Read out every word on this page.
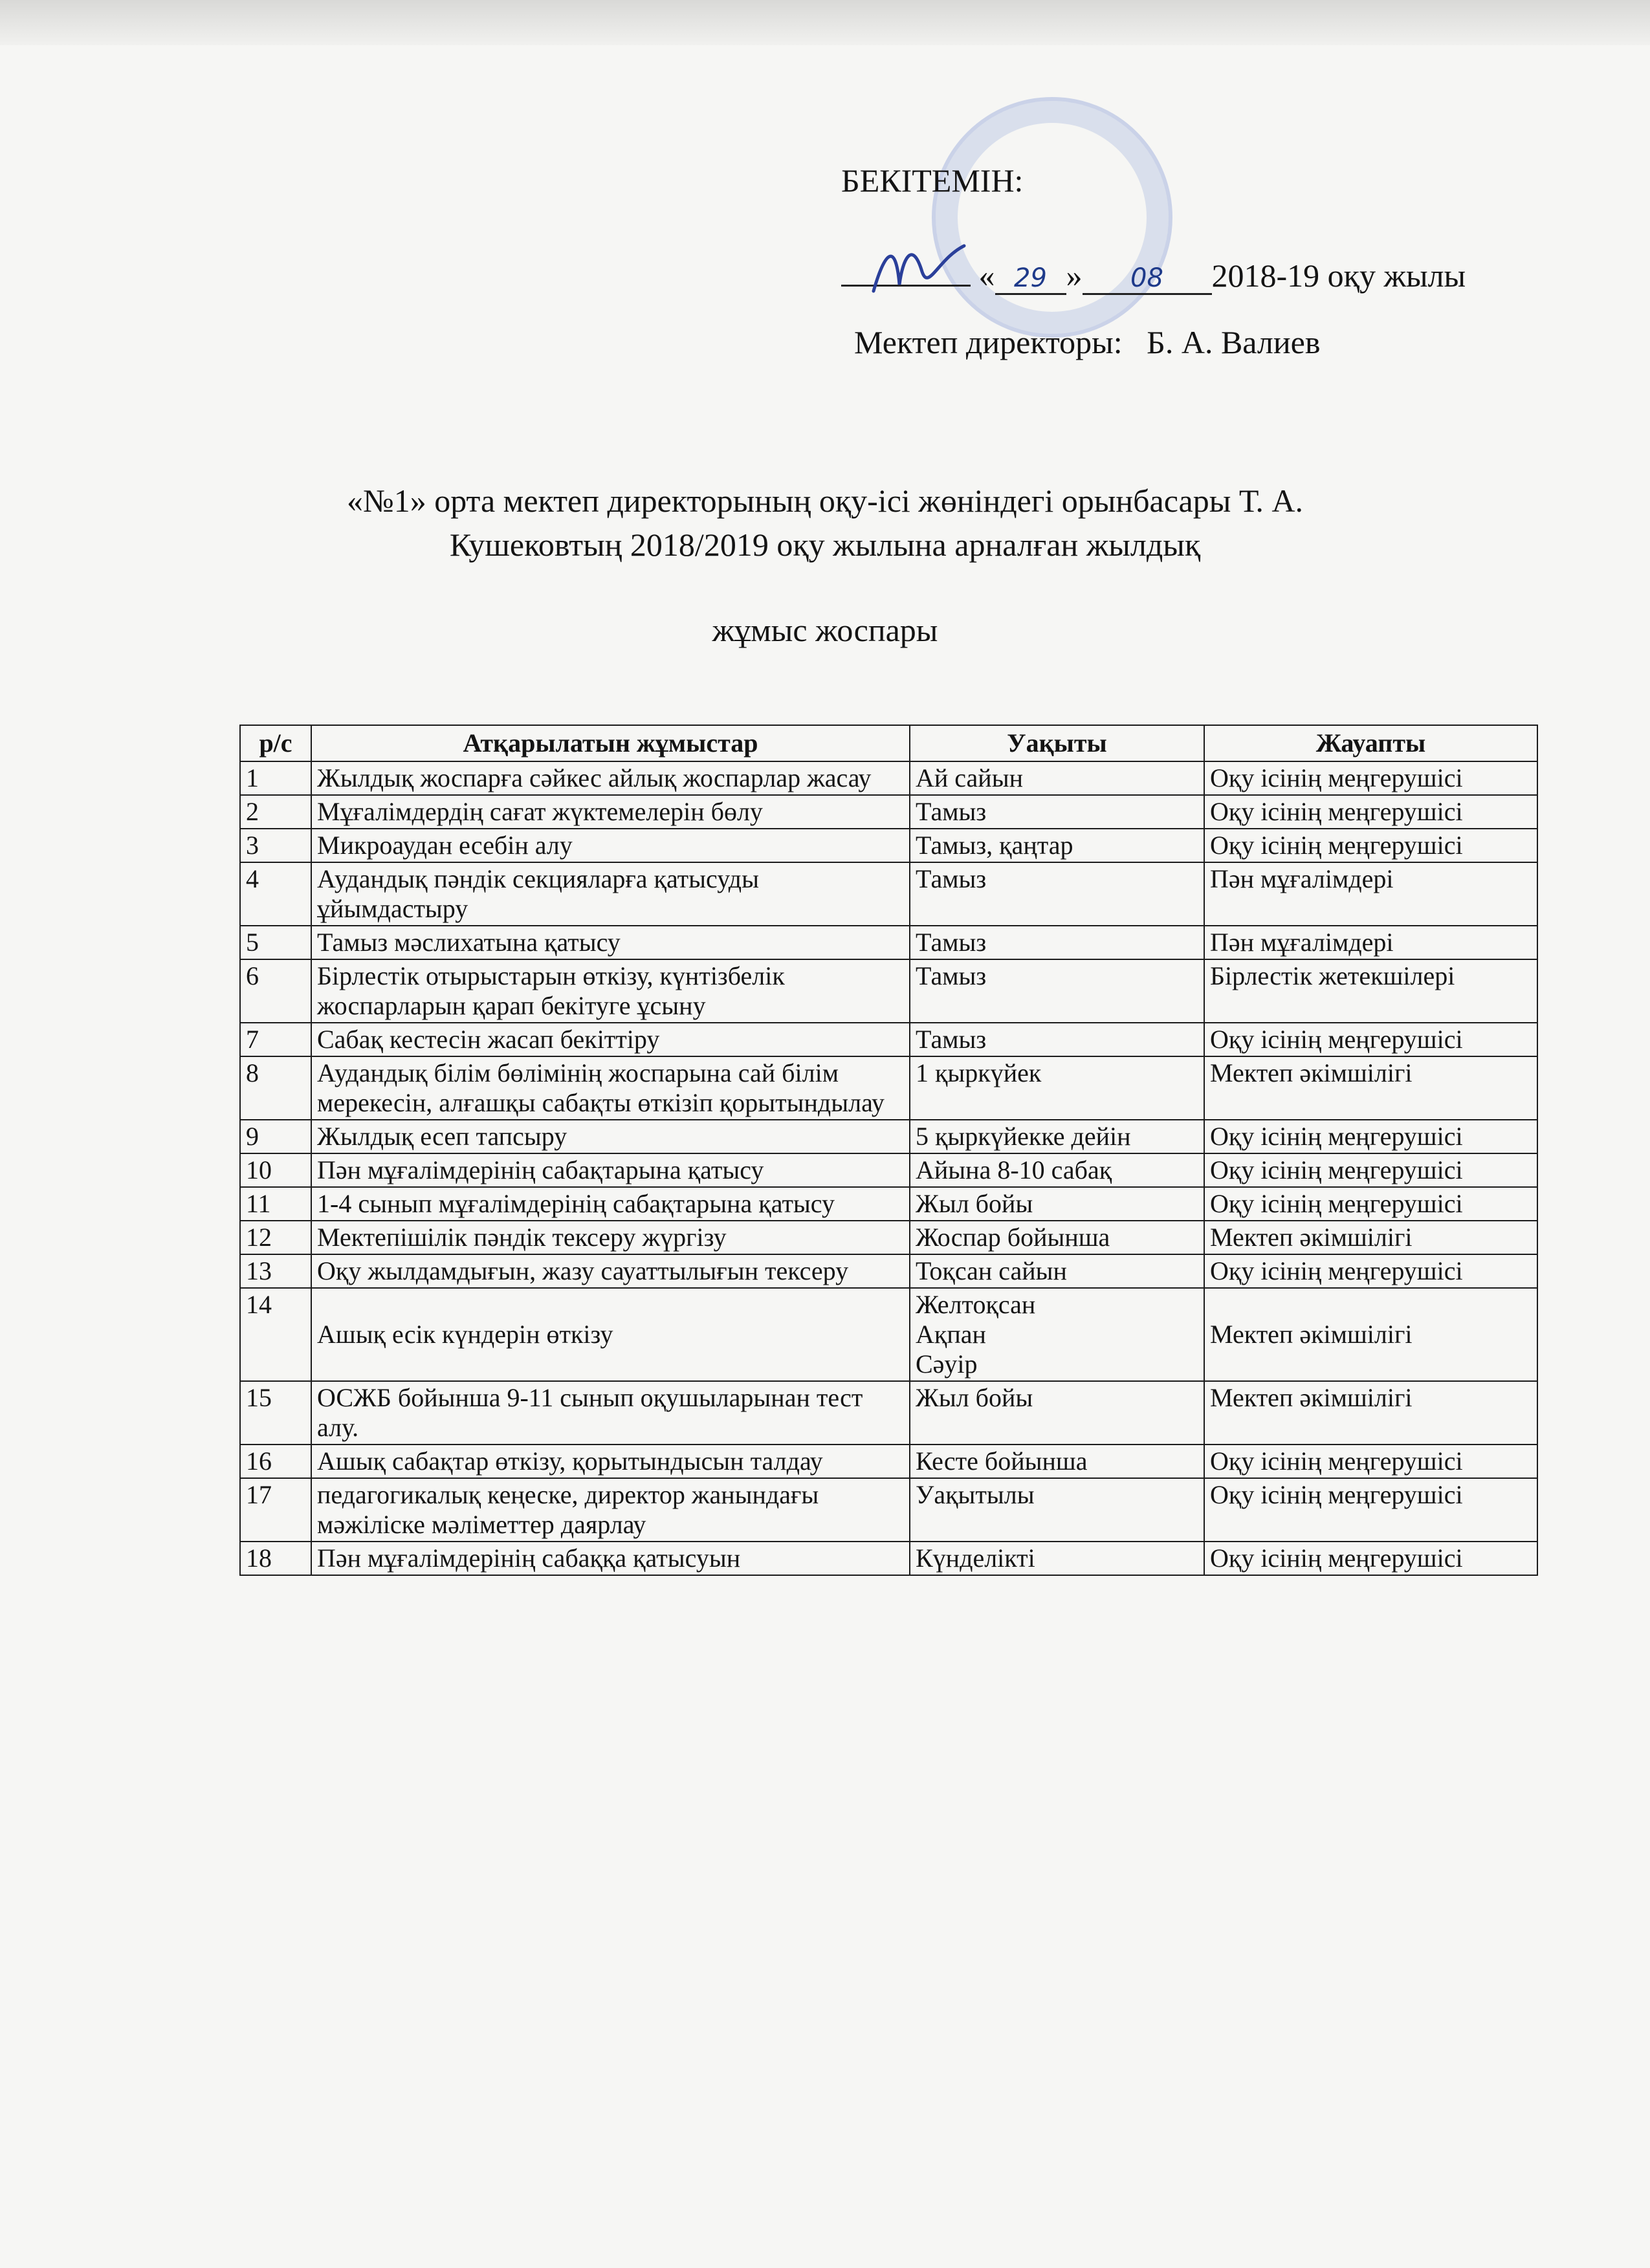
БЕКІТЕМІН:
« 29 » 08 2018-19 оқу жылы
Мектеп директоры: Б. А. Валиев
«№1» орта мектеп директорының оқу-ісі жөніндегі орынбасары Т. А.
Кушековтың 2018/2019 оқу жылына арналған жылдық
жұмыс жоспары
р/с	Атқарылатын жұмыстар	Уақыты	Жауапты
1	Жылдық жоспарға сәйкес айлық жоспарлар жасау	Ай сайын	Оқу ісінің меңгерушісі
2	Мұғалімдердің сағат жүктемелерін бөлу	Тамыз	Оқу ісінің меңгерушісі
3	Микроаудан есебін алу	Тамыз, қаңтар	Оқу ісінің меңгерушісі
4	Аудандық пәндік секцияларға қатысуды ұйымдастыру	Тамыз	Пән мұғалімдері
5	Тамыз мәслихатына қатысу	Тамыз	Пән мұғалімдері
6	Бірлестік отырыстарын өткізу, күнтізбелік жоспарларын қарап бекітуге ұсыну	Тамыз	Бірлестік жетекшілері
7	Сабақ кестесін жасап бекіттіру	Тамыз	Оқу ісінің меңгерушісі
8	Аудандық білім бөлімінің жоспарына сай білім мерекесін, алғашқы сабақты өткізіп қорытындылау	1 қыркүйек	Мектеп әкімшілігі
9	Жылдық есеп тапсыру	5 қыркүйекке дейін	Оқу ісінің меңгерушісі
10	Пән мұғалімдерінің сабақтарына қатысу	Айына 8-10 сабақ	Оқу ісінің меңгерушісі
11	1-4 сынып мұғалімдерінің сабақтарына қатысу	Жыл бойы	Оқу ісінің меңгерушісі
12	Мектепішілік пәндік тексеру жүргізу	Жоспар бойынша	Мектеп әкімшілігі
13	Оқу жылдамдығын, жазу сауаттылығын тексеру	Тоқсан сайын	Оқу ісінің меңгерушісі
14	Ашық есік күндерін өткізу	Желтоқсан
Ақпан
Сәуір	Мектеп әкімшілігі
15	ОСЖБ бойынша 9-11 сынып оқушыларынан тест алу.	Жыл бойы	Мектеп әкімшілігі
16	Ашық сабақтар өткізу, қорытындысын талдау	Кесте бойынша	Оқу ісінің меңгерушісі
17	педагогикалық кеңеске, директор жанындағы мәжіліске мәліметтер даярлау	Уақытылы	Оқу ісінің меңгерушісі
18	Пән мұғалімдерінің сабаққа қатысуын	Күнделікті	Оқу ісінің меңгерушісі
